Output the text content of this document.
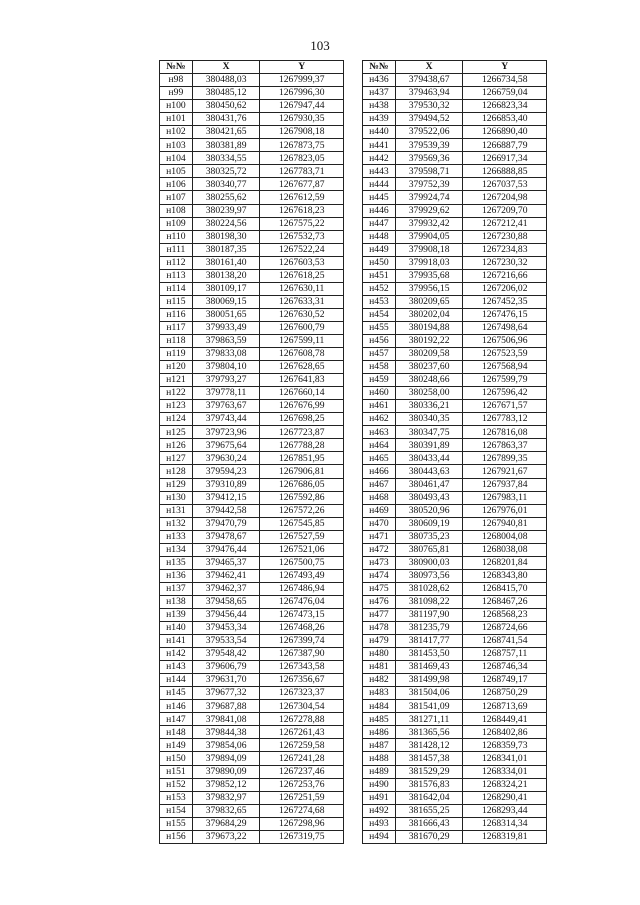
103
№№	X	Y
н98	380488,03	1267999,37
н99	380485,12	1267996,30
н100	380450,62	1267947,44
н101	380431,76	1267930,35
н102	380421,65	1267908,18
н103	380381,89	1267873,75
н104	380334,55	1267823,05
н105	380325,72	1267783,71
н106	380340,77	1267677,87
н107	380255,62	1267612,59
н108	380239,97	1267618,23
н109	380224,56	1267575,22
н110	380198,30	1267532,73
н111	380187,35	1267522,24
н112	380161,40	1267603,53
н113	380138,20	1267618,25
н114	380109,17	1267630,11
н115	380069,15	1267633,31
н116	380051,65	1267630,52
н117	379933,49	1267600,79
н118	379863,59	1267599,11
н119	379833,08	1267608,78
н120	379804,10	1267628,65
н121	379793,27	1267641,83
н122	379778,11	1267660,14
н123	379763,67	1267676,99
н124	379743,44	1267698,25
н125	379723,96	1267723,87
н126	379675,64	1267788,28
н127	379630,24	1267851,95
н128	379594,23	1267906,81
н129	379310,89	1267686,05
н130	379412,15	1267592,86
н131	379442,58	1267572,26
н132	379470,79	1267545,85
н133	379478,67	1267527,59
н134	379476,44	1267521,06
н135	379465,37	1267500,75
н136	379462,41	1267493,49
н137	379462,37	1267486,94
н138	379458,65	1267476,04
н139	379456,44	1267473,15
н140	379453,34	1267468,26
н141	379533,54	1267399,74
н142	379548,42	1267387,90
н143	379606,79	1267343,58
н144	379631,70	1267356,67
н145	379677,32	1267323,37
н146	379687,88	1267304,54
н147	379841,08	1267278,88
н148	379844,38	1267261,43
н149	379854,06	1267259,58
н150	379894,09	1267241,28
н151	379890,09	1267237,46
н152	379852,12	1267253,76
н153	379832,97	1267251,59
н154	379832,65	1267274,68
н155	379684,29	1267298,96
н156	379673,22	1267319,75
№№	X	Y
н436	379438,67	1266734,58
н437	379463,94	1266759,04
н438	379530,32	1266823,34
н439	379494,52	1266853,40
н440	379522,06	1266890,40
н441	379539,39	1266887,79
н442	379569,36	1266917,34
н443	379598,71	1266888,85
н444	379752,39	1267037,53
н445	379924,74	1267204,98
н446	379929,62	1267209,70
н447	379932,42	1267212,41
н448	379904,05	1267230,88
н449	379908,18	1267234,83
н450	379918,03	1267230,32
н451	379935,68	1267216,66
н452	379956,15	1267206,02
н453	380209,65	1267452,35
н454	380202,04	1267476,15
н455	380194,88	1267498,64
н456	380192,22	1267506,96
н457	380209,58	1267523,59
н458	380237,60	1267568,94
н459	380248,66	1267599,79
н460	380258,00	1267596,42
н461	380336,21	1267671,57
н462	380340,35	1267783,12
н463	380347,75	1267816,08
н464	380391,89	1267863,37
н465	380433,44	1267899,35
н466	380443,63	1267921,67
н467	380461,47	1267937,84
н468	380493,43	1267983,11
н469	380520,96	1267976,01
н470	380609,19	1267940,81
н471	380735,23	1268004,08
н472	380765,81	1268038,08
н473	380900,03	1268201,84
н474	380973,56	1268343,80
н475	381028,62	1268415,70
н476	381098,22	1268467,26
н477	381197,90	1268568,23
н478	381235,79	1268724,66
н479	381417,77	1268741,54
н480	381453,50	1268757,11
н481	381469,43	1268746,34
н482	381499,98	1268749,17
н483	381504,06	1268750,29
н484	381541,09	1268713,69
н485	381271,11	1268449,41
н486	381365,56	1268402,86
н487	381428,12	1268359,73
н488	381457,38	1268341,01
н489	381529,29	1268334,01
н490	381576,83	1268324,21
н491	381642,04	1268290,41
н492	381655,25	1268293,44
н493	381666,43	1268314,34
н494	381670,29	1268319,81
